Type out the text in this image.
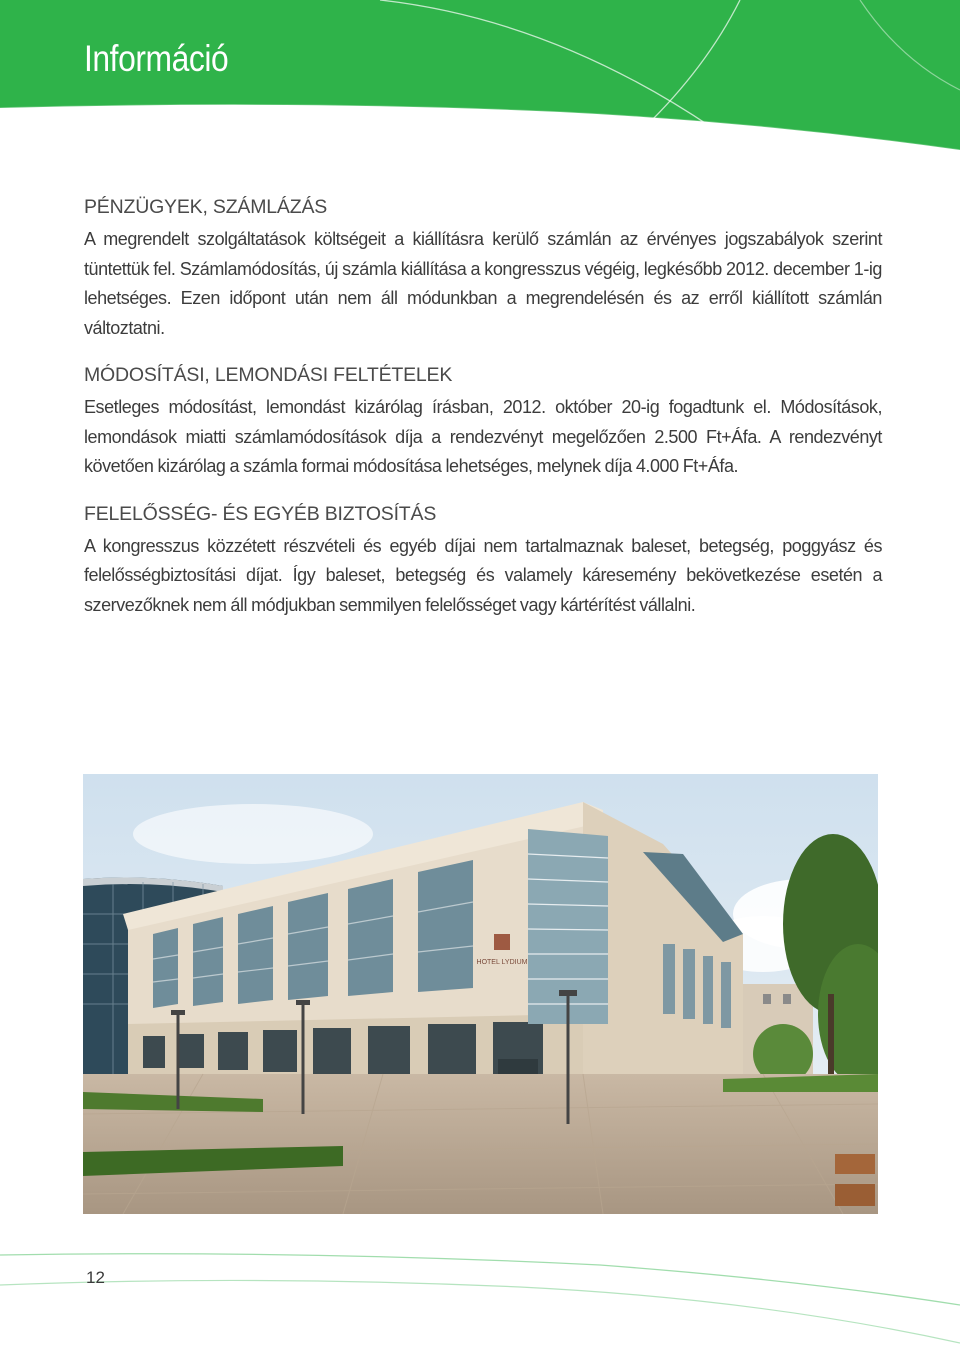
Információ
PÉNZÜGYEK, SZÁMLÁZÁS

A megrendelt szolgáltatások költségeit a kiállításra kerülő számlán az érvényes jogszabályok szerint tüntettük fel. Számlamódosítás, új számla kiállítása a kongresszus végéig, legkésőbb 2012. december 1-ig lehetséges. Ezen időpont után nem áll módunkban a megrendelésén és az erről kiállított számlán változtatni.

MÓDOSÍTÁSI, LEMONDÁSI FELTÉTELEK

Esetleges módosítást, lemondást kizárólag írásban, 2012. október 20-ig fogadtunk el. Módosítások, lemondások miatti számlamódosítások díja a rendezvényt megelőzően 2.500 Ft+Áfa. A rendezvényt követően kizárólag a számla formai módosítása lehetséges, melynek díja 4.000 Ft+Áfa.

FELELŐSSÉG- ÉS EGYÉB BIZTOSÍTÁS

A kongresszus közzétett részvételi és egyéb díjai nem tartalmaznak baleset, betegség, poggyász és felelősségbiztosítási díjat. Így baleset, betegség és valamely káresemény bekövetkezése esetén a szervezőknek nem áll módjukban semmilyen felelősséget vagy kártérítést vállalni.

HOTEL LYDIUM
12
